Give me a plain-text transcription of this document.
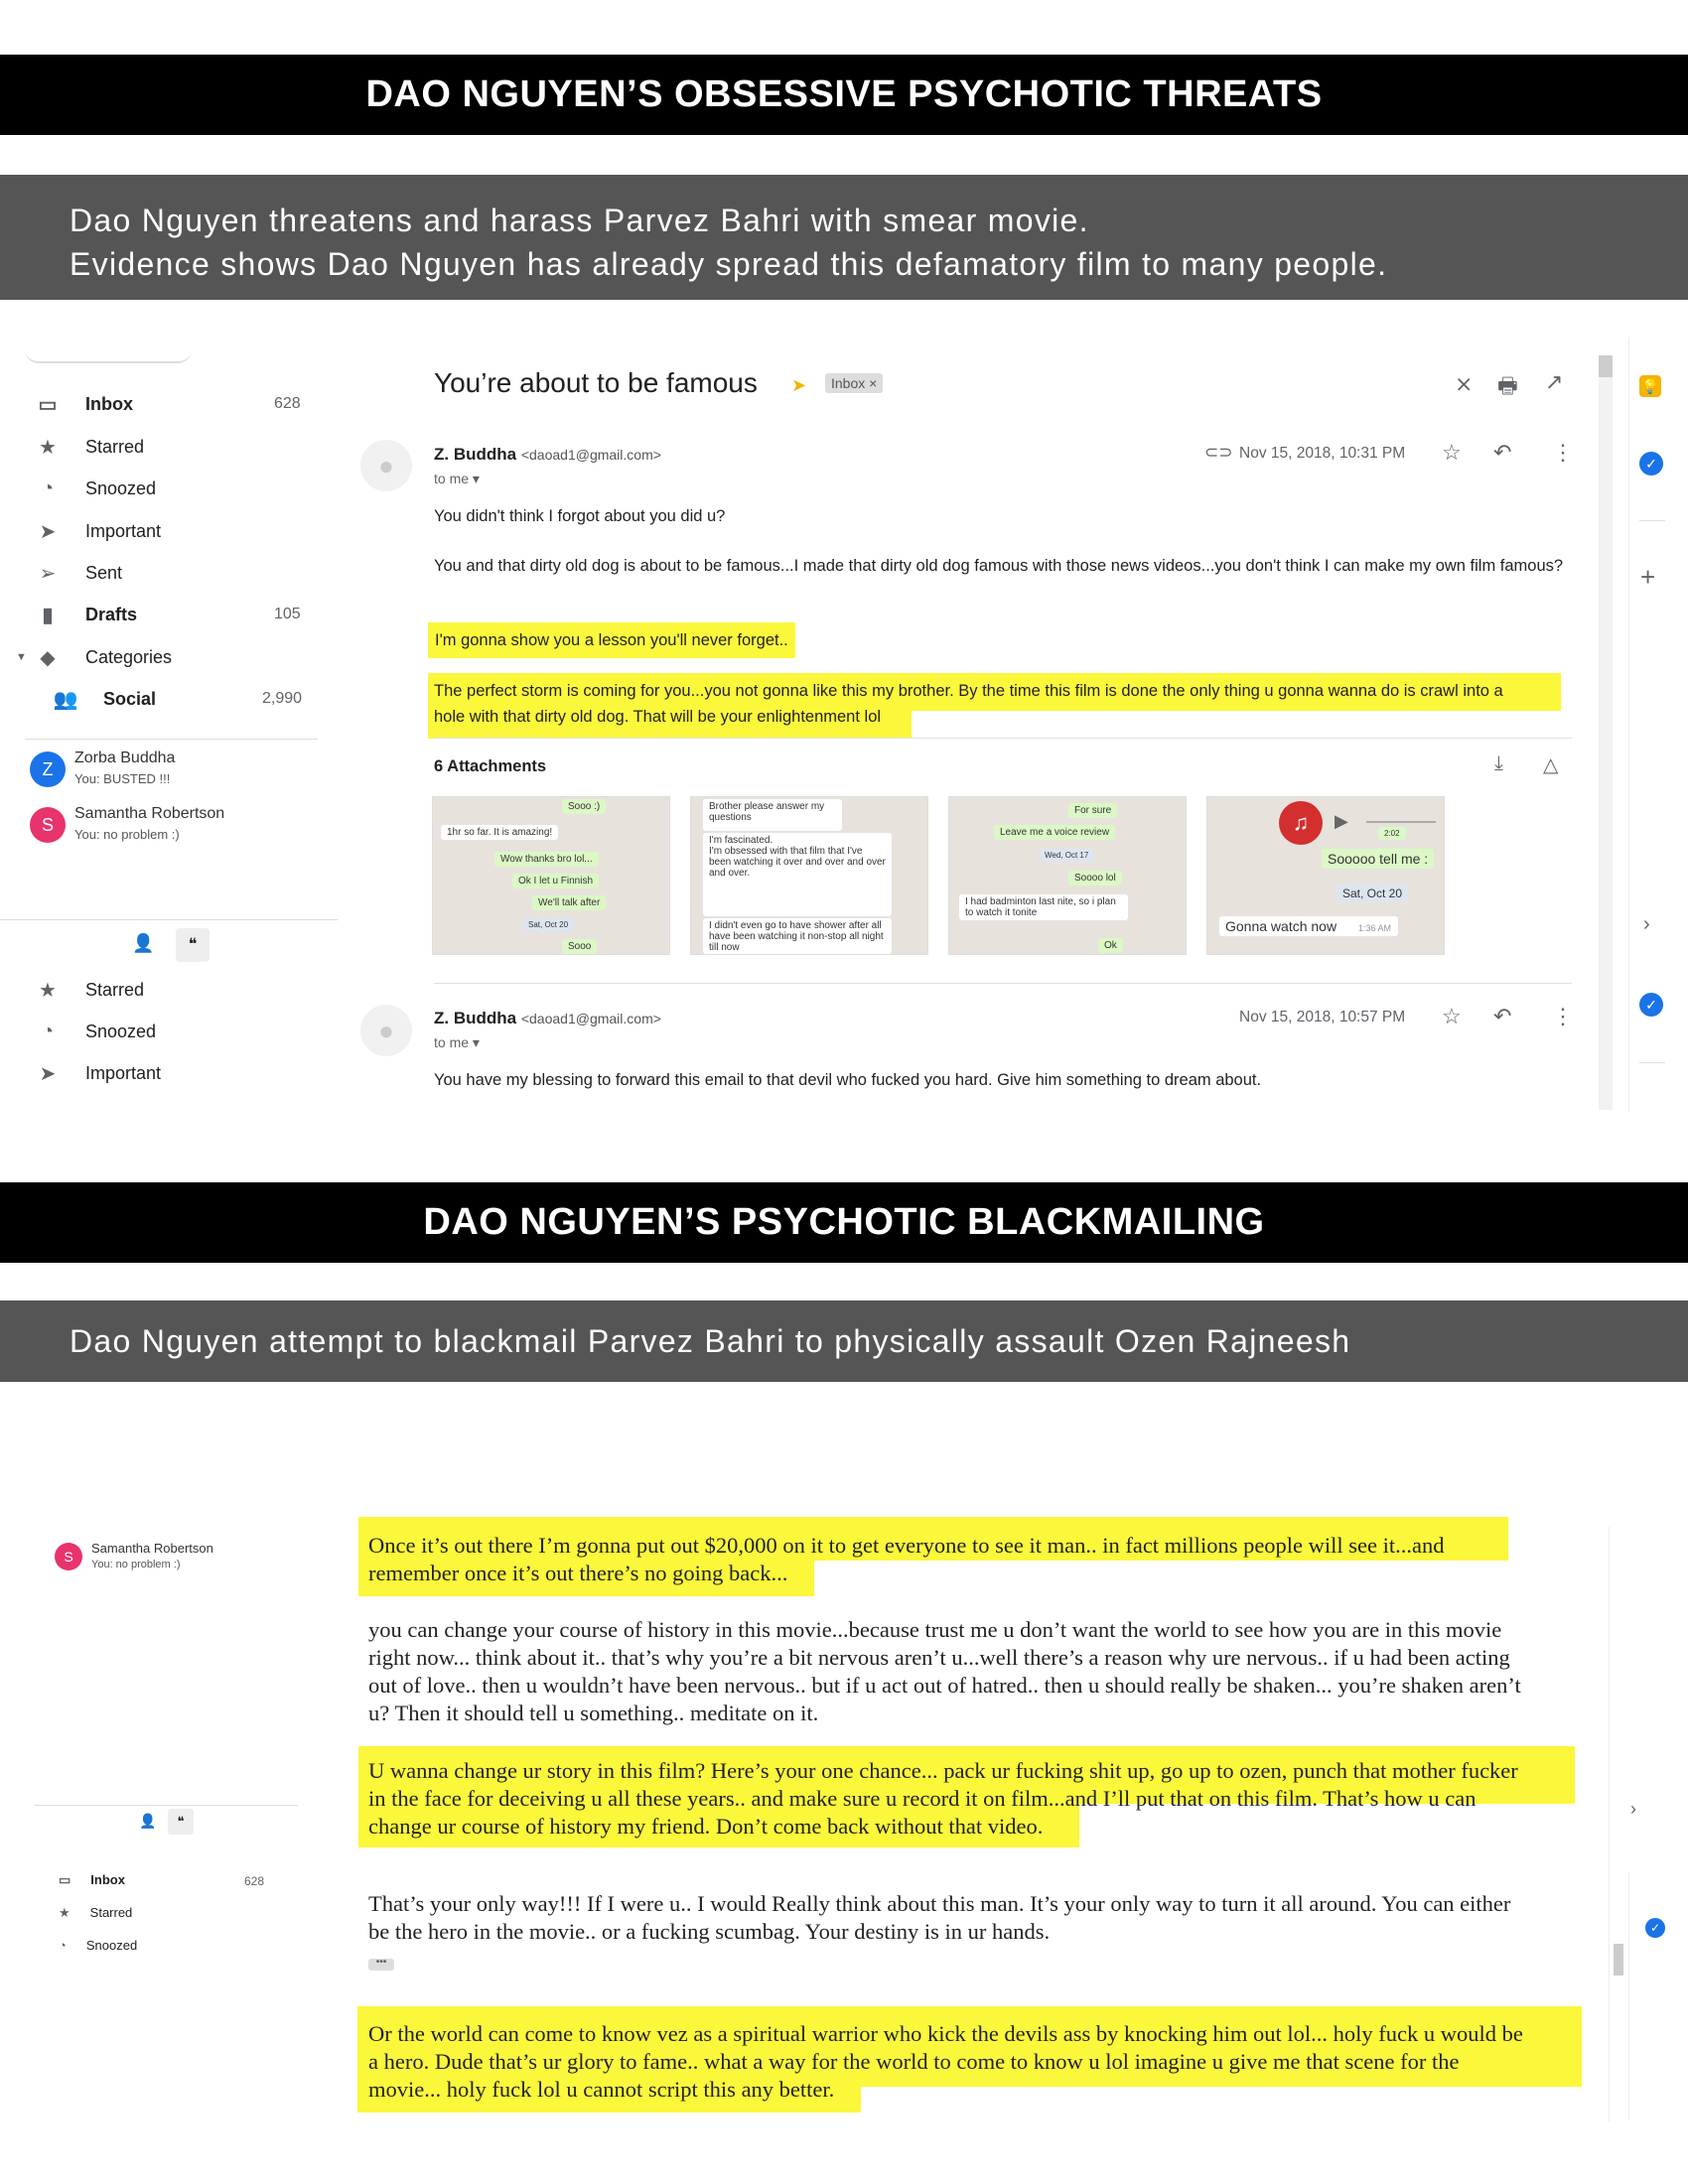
DAO NGUYEN’S OBSESSIVE PSYCHOTIC THREATS
Dao Nguyen threatens and harass Parvez Bahri with smear movie.
Evidence shows Dao Nguyen has already spread this defamatory film to many people.
▭ Inbox	628
★ Starred
◔	Snoozed
➤ Important
➢ Sent
▮	Drafts	105
▼ ◆ Categories
👥 Social	2,990
Z
Zorba Buddha
You: BUSTED !!!
S
Samantha Robertson
You: no problem :)
👤	❝
★ Starred
◔	Snoozed
➤ Important
You’re about to be famous ➤	Inbox ×	⨯ 🖶 ↗	💡
✓
+
›
✓
●	Z. Buddha <daoad1@gmail.com>
to me ▾
⊂⊃ Nov 15, 2018, 10:31 PM ☆ ↶ ⋮
You didn't think I forgot about you did u?
You and that dirty old dog is about to be famous...I made that dirty old dog famous with those news videos...you don't think I can make my own film famous?
I'm gonna show you a lesson you'll never forget..
The perfect storm is coming for you...you not gonna like this my brother. By the time this film is done the only thing u gonna wanna do is crawl into a
hole with that dirty old dog. That will be your enlightenment lol
6 Attachments	⤓ △
Sooo :)
1hr so far. It is amazing!
Wow thanks bro lol...
Ok I let u Finnish
We'll talk after
Sat, Oct 20
Sooo
Brother please answer my questions
I'm fascinated.
I'm obsessed with that film that I've been watching it over and over and over and over.
I didn't even go to have shower after all have been watching it non-stop all night till now
For sure
Leave me a voice review
Wed, Oct 17
Soooo lol
I had badminton last nite, so i plan to watch it tonite
Ok
♫	▶
2:02
Sooooo tell me :
Sat, Oct 20
Gonna watch now 1:36 AM
●	Z. Buddha <daoad1@gmail.com>
to me ▾
Nov 15, 2018, 10:57 PM ☆ ↶ ⋮
You have my blessing to forward this email to that devil who fucked you hard. Give him something to dream about.
DAO NGUYEN’S PSYCHOTIC BLACKMAILING
Dao Nguyen attempt to blackmail Parvez Bahri to physically assault Ozen Rajneesh
S
Samantha Robertson
You: no problem :)
👤	❝
▭ Inbox	628
★ Starred
◔ Snoozed
›
✓
Once it’s out there I’m gonna put out $20,000 on it to get everyone to see it man.. in fact millions people will see it...and
remember once it’s out there’s no going back...
you can change your course of history in this movie...because trust me u don’t want the world to see how you are in this movie
right now... think about it.. that’s why you’re a bit nervous aren’t u...well there’s a reason why ure nervous.. if u had been acting
out of love.. then u wouldn’t have been nervous.. but if u act out of hatred.. then u should really be shaken... you’re shaken aren’t
u? Then it should tell u something.. meditate on it.
U wanna change ur story in this film? Here’s your one chance... pack ur fucking shit up, go up to ozen, punch that mother fucker
in the face for deceiving u all these years.. and make sure u record it on film...and I’ll put that on this film. That’s how u can
change ur course of history my friend. Don’t come back without that video.
That’s your only way!!! If I were u.. I would Really think about this man. It’s your only way to turn it all around. You can either
be the hero in the movie.. or a fucking scumbag. Your destiny is in ur hands.
•••
Or the world can come to know vez as a spiritual warrior who kick the devils ass by knocking him out lol... holy fuck u would be
a hero. Dude that’s ur glory to fame.. what a way for the world to come to know u lol imagine u give me that scene for the
movie... holy fuck lol u cannot script this any better.
